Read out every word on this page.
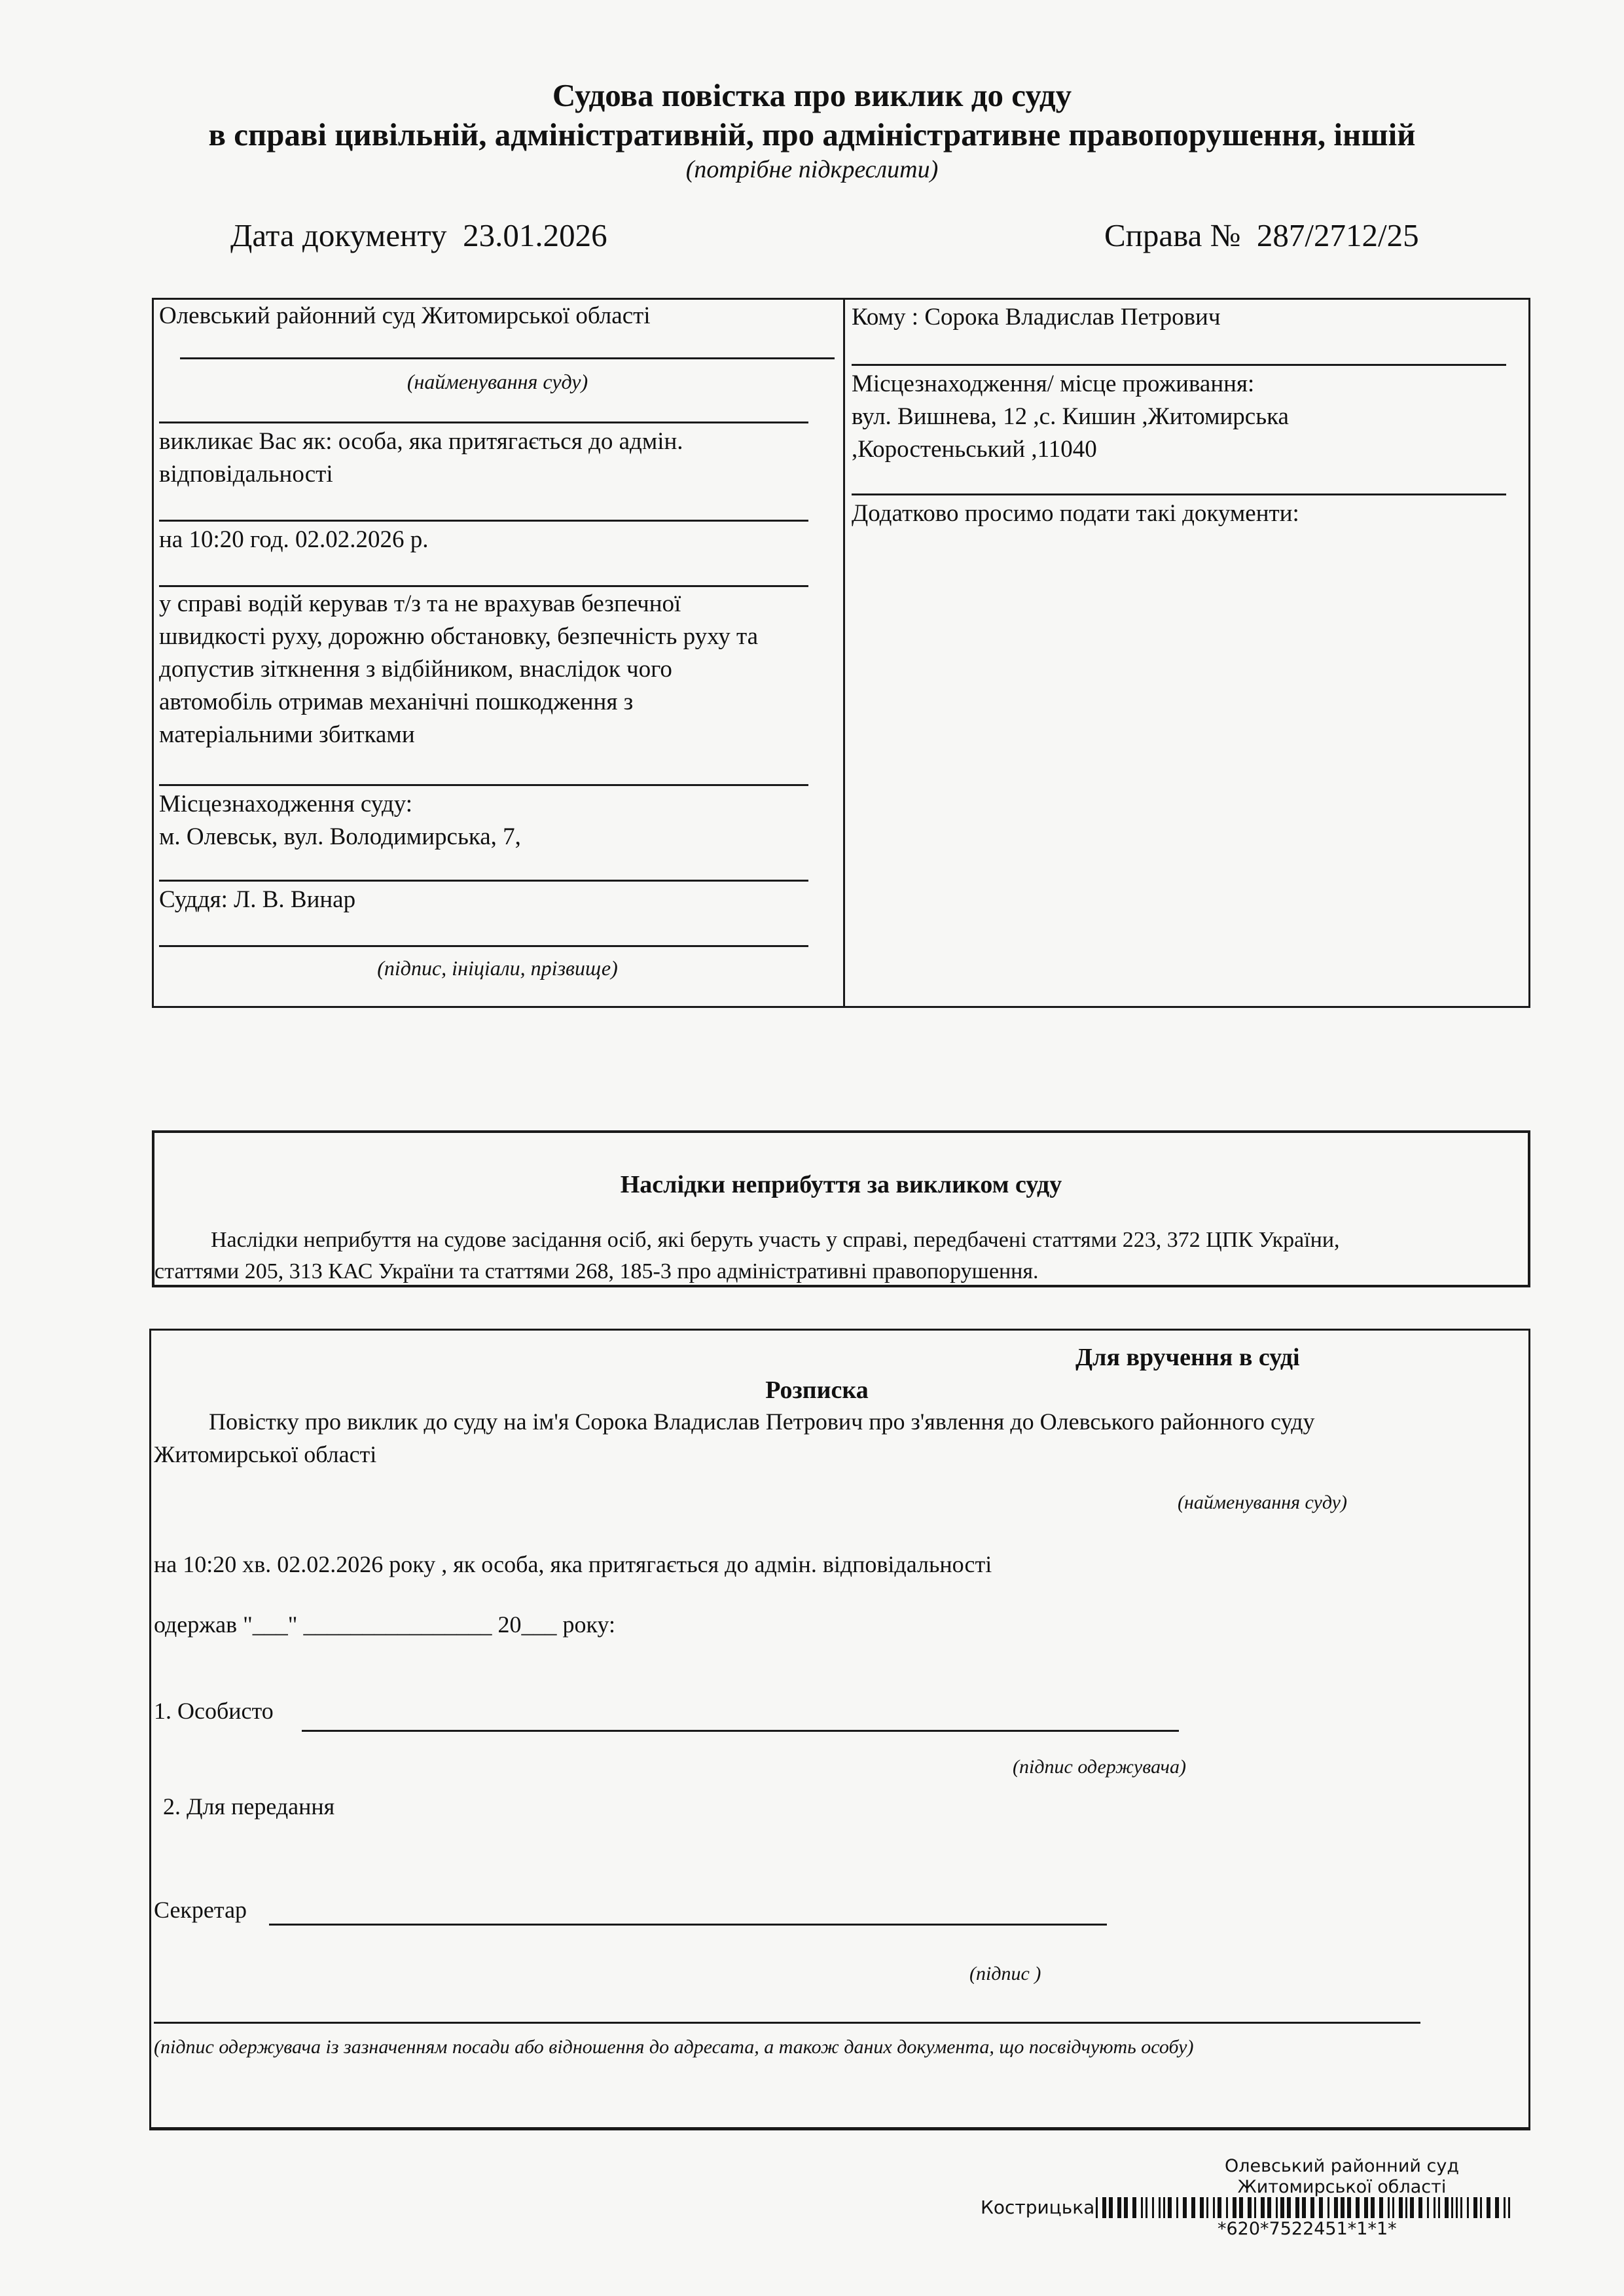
Судова повістка про виклик до суду
в справі цивільній, адміністративній, про адміністративне правопорушення, іншій
(потрібне підкреслити)
Дата документу 23.01.2026	Справа № 287/2712/25
Олевський районний суд Житомирської області
(найменування суду)
викликає Вас як: особа, яка притягається до адмін.
відповідальності
на 10:20 год. 02.02.2026 р.
у справі водій керував т/з та не врахував безпечної
швидкості руху, дорожню обстановку, безпечність руху та
допустив зіткнення з відбійником, внаслідок чого
автомобіль отримав механічні пошкодження з
матеріальними збитками
Місцезнаходження суду:
м. Олевськ, вул. Володимирська, 7,
Суддя: Л. В. Винар
(підпис, ініціали, прізвище)
Кому : Сорока Владислав Петрович
Місцезнаходження/ місце проживання:
вул. Вишнева, 12 ,с. Кишин ,Житомирська
,Коростеньський ,11040
Додатково просимо подати такі документи:
Наслідки неприбуття за викликом суду
Наслідки неприбуття на судове засідання осіб, які беруть участь у справі, передбачені статтями 223, 372 ЦПК України,
статтями 205, 313 КАС України та статтями 268, 185-3 про адміністративні правопорушення.
Для вручення в суді
Розписка
Повістку про виклик до суду на ім'я Сорока Владислав Петрович про з'явлення до Олевського районного суду
Житомирської області
(найменування суду)
на 10:20 хв. 02.02.2026 року , як особа, яка притягається до адмін. відповідальності
одержав "___" ________________ 20___ року:
1. Особисто
(підпис одержувача)
2. Для передання
Секретар
(підпис )
(підпис одержувача із зазначенням посади або відношення до адресата, а також даних документа, що посвідчують особу)
Олевський районний суд
Житомирської області
Кострицька
*620*7522451*1*1*
